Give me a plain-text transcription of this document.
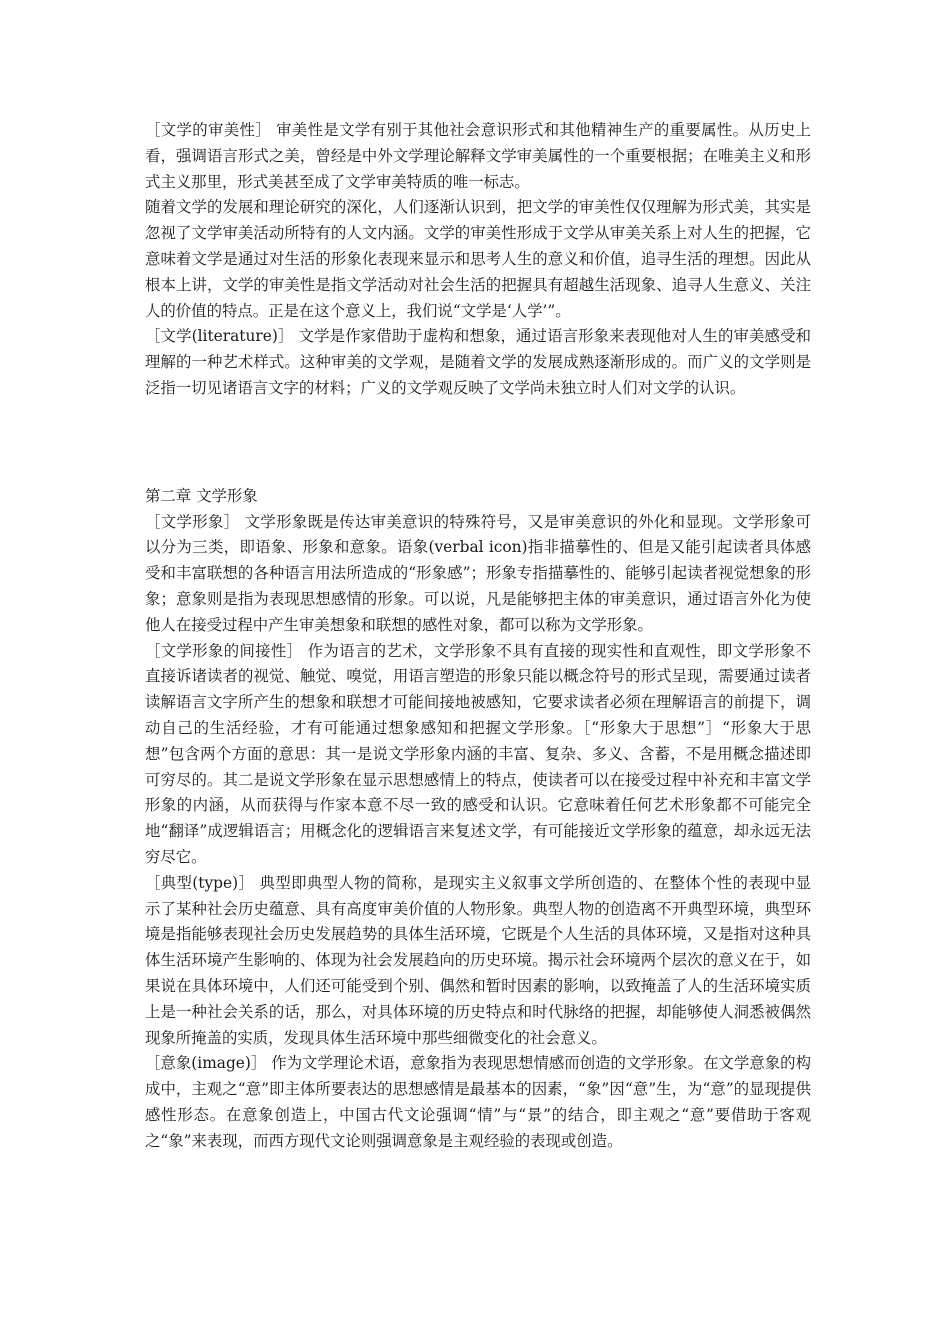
［文学的审美性］ 审美性是文学有别于其他社会意识形式和其他精神生产的重要属性。从历史上看，强调语言形式之美，曾经是中外文学理论解释文学审美属性的一个重要根据；在唯美主义和形式主义那里，形式美甚至成了文学审美特质的唯一标志。

随着文学的发展和理论研究的深化，人们逐渐认识到，把文学的审美性仅仅理解为形式美，其实是忽视了文学审美活动所特有的人文内涵。文学的审美性形成于文学从审美关系上对人生的把握，它意味着文学是通过对生活的形象化表现来显示和思考人生的意义和价值，追寻生活的理想。因此从根本上讲，文学的审美性是指文学活动对社会生活的把握具有超越生活现象、追寻人生意义、关注人的价值的特点。正是在这个意义上，我们说“文学是‘人学’”。

［文学(literature)］ 文学是作家借助于虚构和想象，通过语言形象来表现他对人生的审美感受和理解的一种艺术样式。这种审美的文学观，是随着文学的发展成熟逐渐形成的。而广义的文学则是泛指一切见诸语言文字的材料；广义的文学观反映了文学尚未独立时人们对文学的认识。

第二章 文学形象

［文学形象］ 文学形象既是传达审美意识的特殊符号，又是审美意识的外化和显现。文学形象可以分为三类，即语象、形象和意象。语象(verbal icon)指非描摹性的、但是又能引起读者具体感受和丰富联想的各种语言用法所造成的“形象感”；形象专指描摹性的、能够引起读者视觉想象的形象；意象则是指为表现思想感情的形象。可以说，凡是能够把主体的审美意识，通过语言外化为使他人在接受过程中产生审美想象和联想的感性对象，都可以称为文学形象。

［文学形象的间接性］ 作为语言的艺术，文学形象不具有直接的现实性和直观性，即文学形象不直接诉诸读者的视觉、触觉、嗅觉，用语言塑造的形象只能以概念符号的形式呈现，需要通过读者读解语言文字所产生的想象和联想才可能间接地被感知，它要求读者必须在理解语言的前提下，调动自己的生活经验，才有可能通过想象感知和把握文学形象。［“形象大于思想”］“形象大于思想”包含两个方面的意思：其一是说文学形象内涵的丰富、复杂、多义、含蓄，不是用概念描述即可穷尽的。其二是说文学形象在显示思想感情上的特点，使读者可以在接受过程中补充和丰富文学形象的内涵，从而获得与作家本意不尽一致的感受和认识。它意味着任何艺术形象都不可能完全地“翻译”成逻辑语言；用概念化的逻辑语言来复述文学，有可能接近文学形象的蕴意，却永远无法穷尽它。

［典型(type)］ 典型即典型人物的简称，是现实主义叙事文学所创造的、在整体个性的表现中显示了某种社会历史蕴意、具有高度审美价值的人物形象。典型人物的创造离不开典型环境，典型环境是指能够表现社会历史发展趋势的具体生活环境，它既是个人生活的具体环境，又是指对这种具体生活环境产生影响的、体现为社会发展趋向的历史环境。揭示社会环境两个层次的意义在于，如果说在具体环境中，人们还可能受到个别、偶然和暂时因素的影响，以致掩盖了人的生活环境实质上是一种社会关系的话，那么，对具体环境的历史特点和时代脉络的把握，却能够使人洞悉被偶然现象所掩盖的实质，发现具体生活环境中那些细微变化的社会意义。

［意象(image)］ 作为文学理论术语，意象指为表现思想情感而创造的文学形象。在文学意象的构成中，主观之“意”即主体所要表达的思想感情是最基本的因素，“象”因“意”生，为“意”的显现提供感性形态。在意象创造上，中国古代文论强调“情”与“景”的结合，即主观之“意”要借助于客观之“象”来表现，而西方现代文论则强调意象是主观经验的表现或创造。
